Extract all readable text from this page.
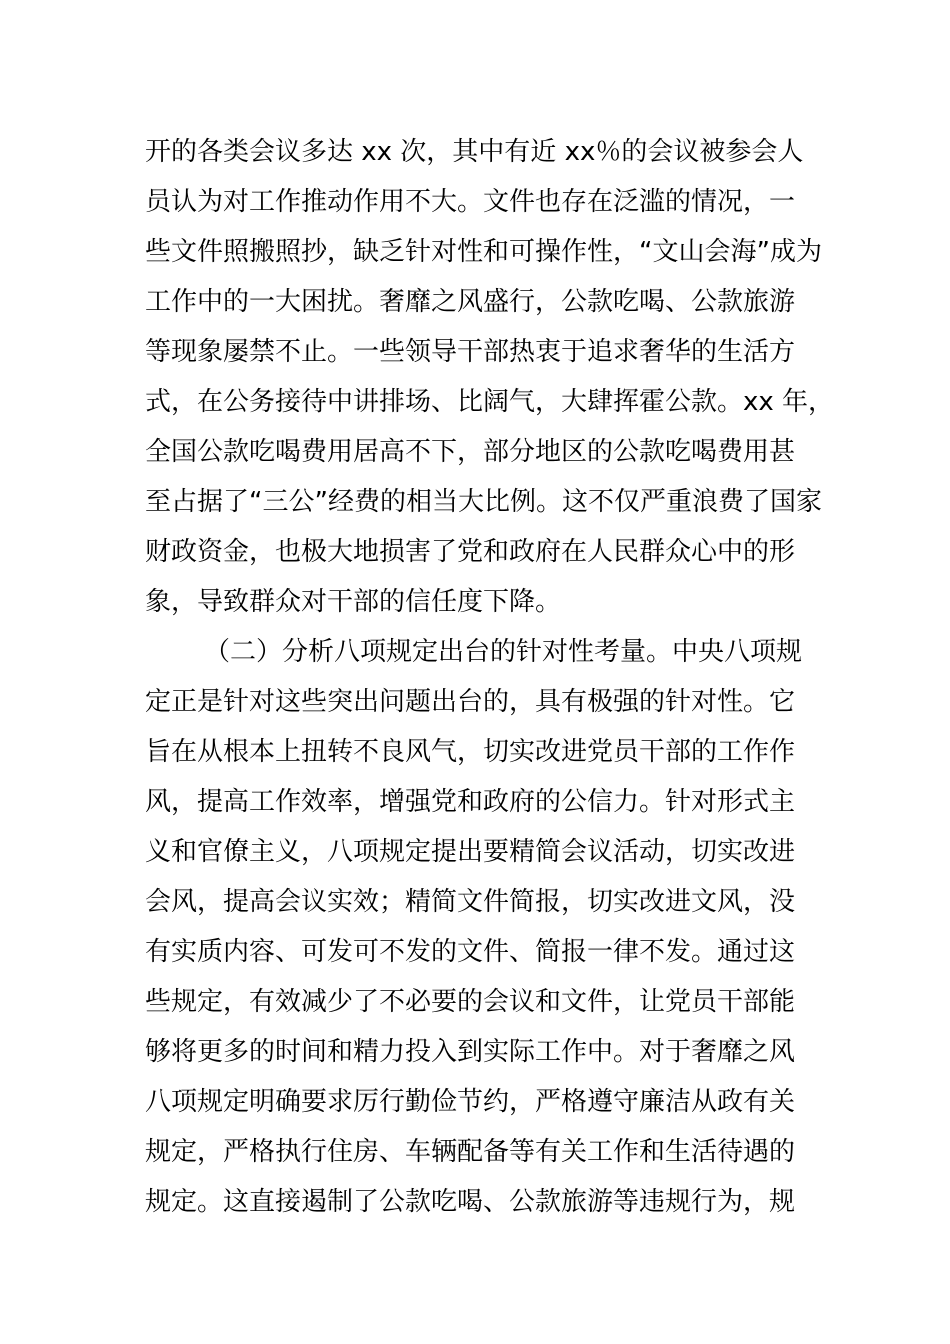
开的各类会议多达 xx 次，其中有近 xx％的会议被参会人
员认为对工作推动作用不大。文件也存在泛滥的情况，一
些文件照搬照抄，缺乏针对性和可操作性，“文山会海”成为
工作中的一大困扰。奢靡之风盛行，公款吃喝、公款旅游
等现象屡禁不止。一些领导干部热衷于追求奢华的生活方
式，在公务接待中讲排场、比阔气，大肆挥霍公款。xx 年，
全国公款吃喝费用居高不下，部分地区的公款吃喝费用甚
至占据了“三公”经费的相当大比例。这不仅严重浪费了国家
财政资金，也极大地损害了党和政府在人民群众心中的形
象，导致群众对干部的信任度下降。
（二）分析八项规定出台的针对性考量。中央八项规
定正是针对这些突出问题出台的，具有极强的针对性。它
旨在从根本上扭转不良风气，切实改进党员干部的工作作
风，提高工作效率，增强党和政府的公信力。针对形式主
义和官僚主义，八项规定提出要精简会议活动，切实改进
会风，提高会议实效；精简文件简报，切实改进文风，没
有实质内容、可发可不发的文件、简报一律不发。通过这
些规定，有效减少了不必要的会议和文件，让党员干部能
够将更多的时间和精力投入到实际工作中。对于奢靡之风
八项规定明确要求厉行勤俭节约，严格遵守廉洁从政有关
规定，严格执行住房、车辆配备等有关工作和生活待遇的
规定。这直接遏制了公款吃喝、公款旅游等违规行为，规
